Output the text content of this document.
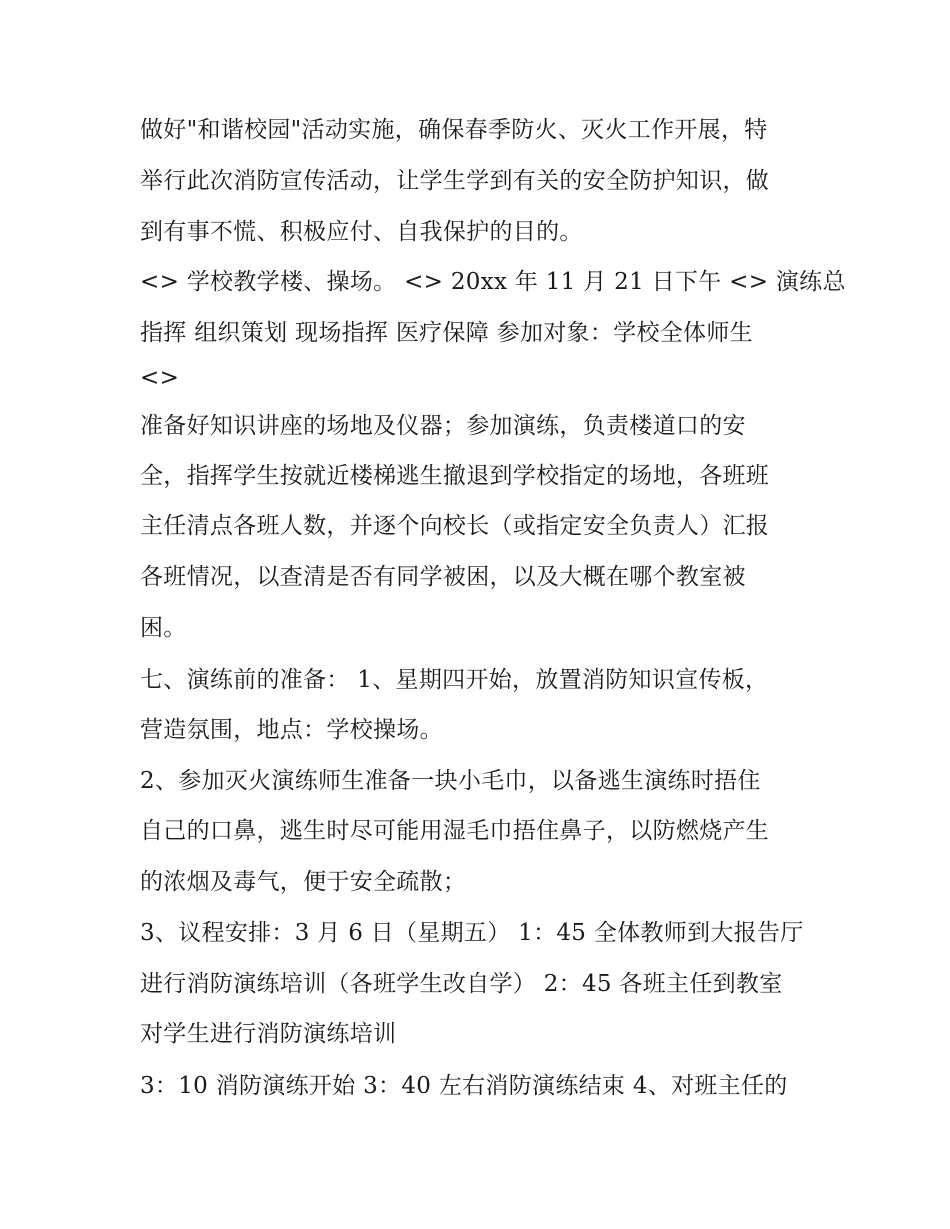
做好"和谐校园"活动实施，确保春季防火、灭火工作开展，特
举行此次消防宣传活动，让学生学到有关的安全防护知识，做
到有事不慌、积极应付、自我保护的目的。
<> 学校教学楼、操场。 <> 20xx 年 11 月 21 日下午 <> 演练总
指挥 组织策划 现场指挥 医疗保障 参加对象：学校全体师生
<>
准备好知识讲座的场地及仪器；参加演练，负责楼道口的安
全，指挥学生按就近楼梯逃生撤退到学校指定的场地，各班班
主任清点各班人数，并逐个向校长（或指定安全负责人）汇报
各班情况，以查清是否有同学被困，以及大概在哪个教室被
困。
七、演练前的准备： 1、星期四开始，放置消防知识宣传板，
营造氛围，地点：学校操场。
2、参加灭火演练师生准备一块小毛巾，以备逃生演练时捂住
自己的口鼻，逃生时尽可能用湿毛巾捂住鼻子，以防燃烧产生
的浓烟及毒气，便于安全疏散；
3、议程安排：3 月 6 日（星期五） 1：45 全体教师到大报告厅
进行消防演练培训（各班学生改自学） 2：45 各班主任到教室
对学生进行消防演练培训
3：10 消防演练开始 3：40 左右消防演练结束 4、对班主任的
